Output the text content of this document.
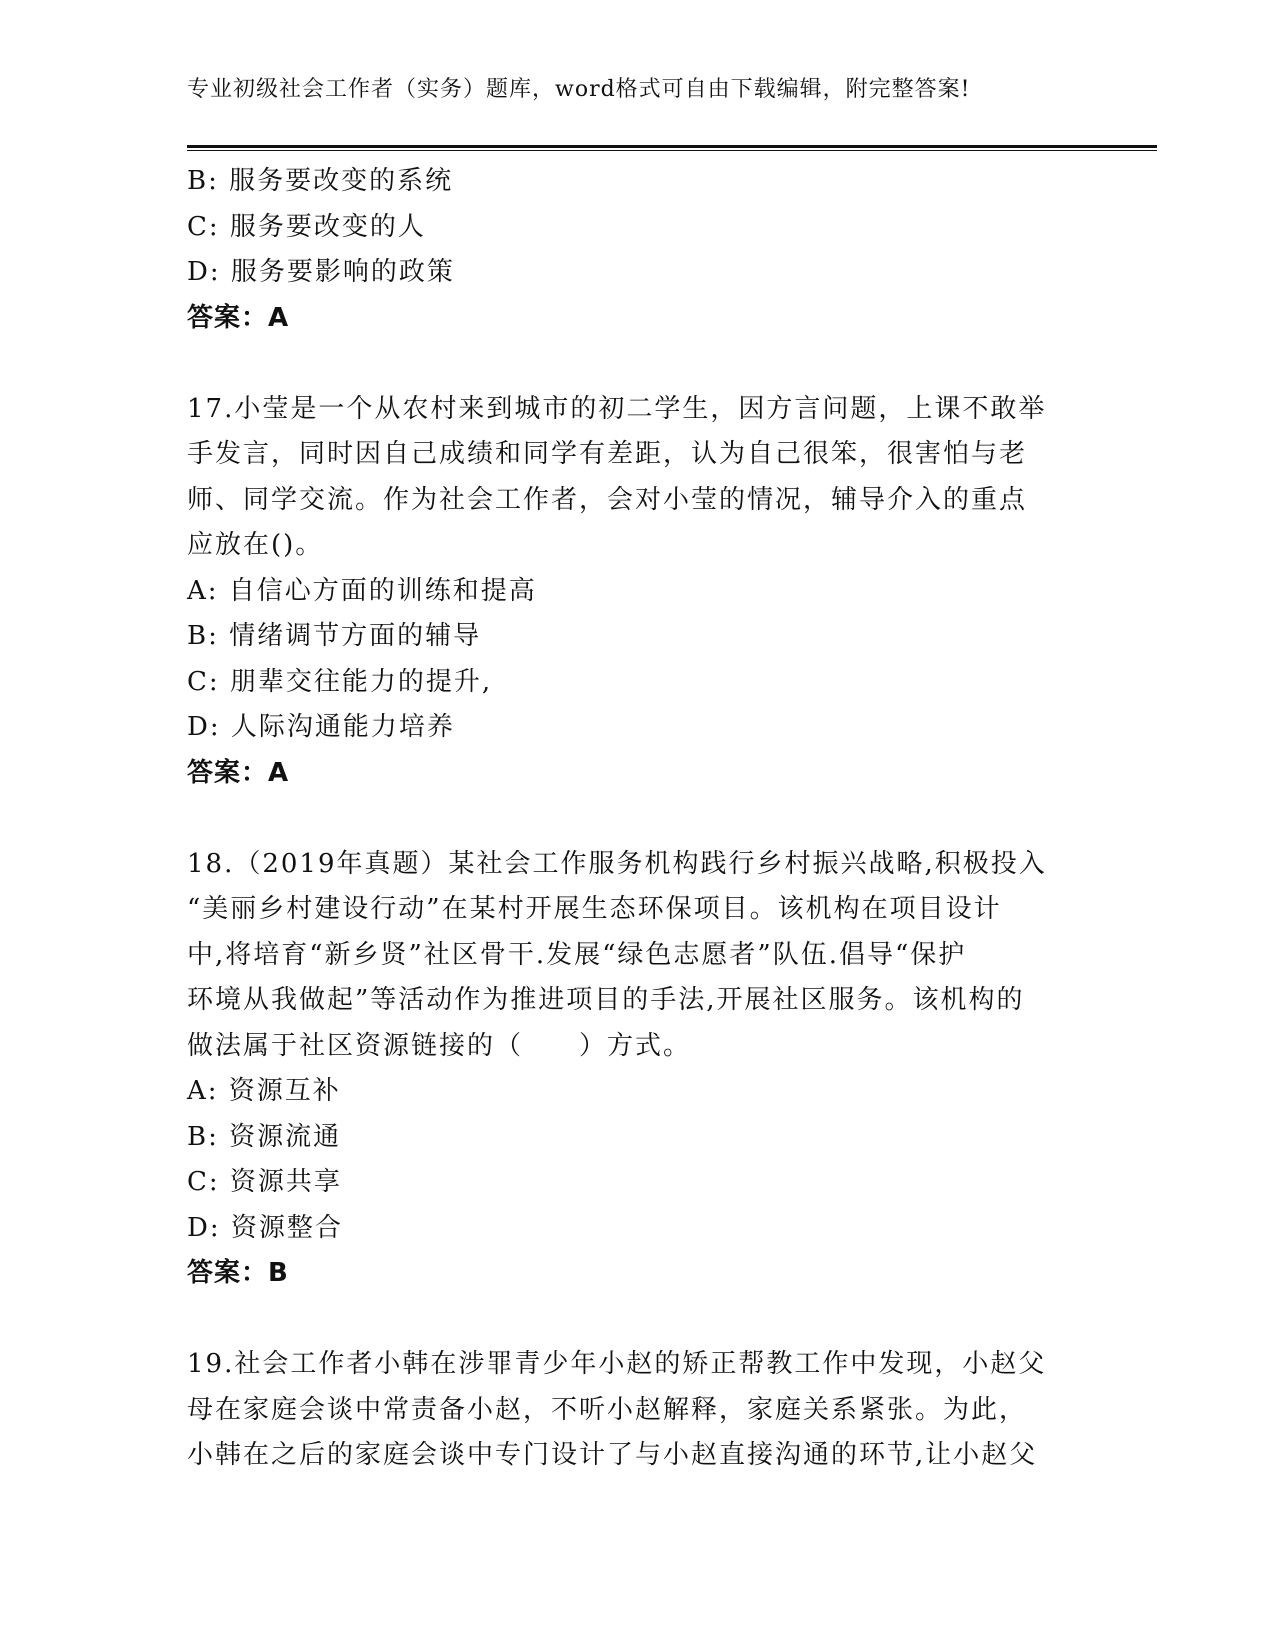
专业初级社会工作者（实务）题库，word格式可自由下载编辑，附完整答案!
B: 服务要改变的系统
C: 服务要改变的人
D: 服务要影响的政策
答案：A
17.小莹是一个从农村来到城市的初二学生，因方言问题，上课不敢举
手发言，同时因自己成绩和同学有差距，认为自己很笨，很害怕与老
师、同学交流。作为社会工作者，会对小莹的情况，辅导介入的重点
应放在()。
A: 自信心方面的训练和提高
B: 情绪调节方面的辅导
C: 朋辈交往能力的提升,
D: 人际沟通能力培养
答案：A
18.（2019年真题）某社会工作服务机构践行乡村振兴战略,积极投入
“美丽乡村建设行动”在某村开展生态环保项目。该机构在项目设计
中,将培育“新乡贤”社区骨干.发展“绿色志愿者”队伍.倡导“保护
环境从我做起”等活动作为推进项目的手法,开展社区服务。该机构的
做法属于社区资源链接的（　　）方式。
A: 资源互补
B: 资源流通
C: 资源共享
D: 资源整合
答案：B
19.社会工作者小韩在涉罪青少年小赵的矫正帮教工作中发现，小赵父
母在家庭会谈中常责备小赵，不听小赵解释，家庭关系紧张。为此，
小韩在之后的家庭会谈中专门设计了与小赵直接沟通的环节,让小赵父
